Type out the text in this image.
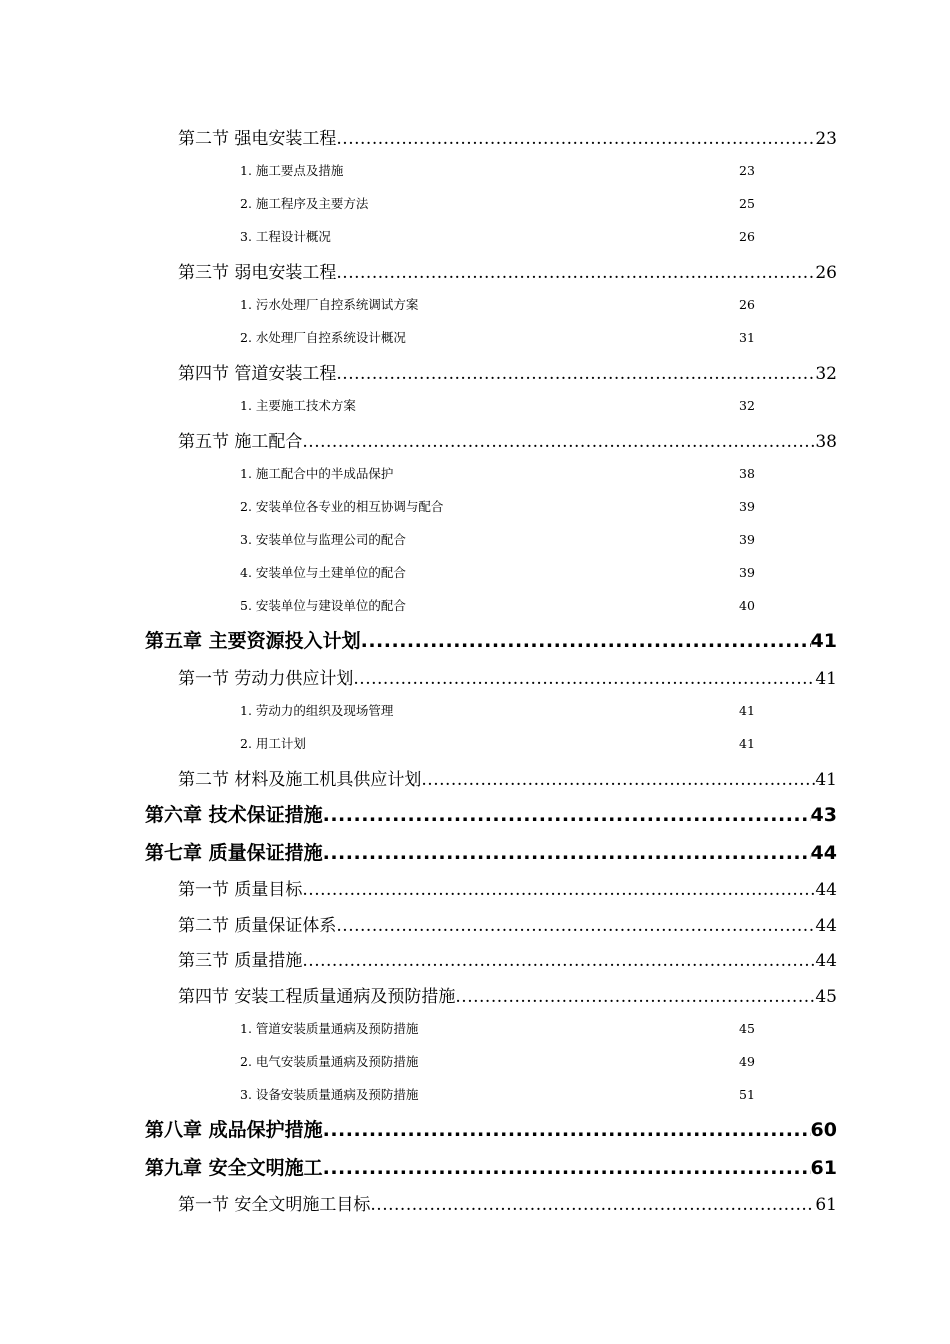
第二节 强电安装工程 .....	23
1. 施工要点及措施	23
2. 施工程序及主要方法	25
3. 工程设计概况	26
第三节 弱电安装工程 .....	26
1. 污水处理厂自控系统调试方案	26
2. 水处理厂自控系统设计概况	31
第四节 管道安装工程 .....	32
1. 主要施工技术方案	32
第五节 施工配合 .....	38
1. 施工配合中的半成品保护	38
2. 安装单位各专业的相互协调与配合	39
3. 安装单位与监理公司的配合	39
4. 安装单位与土建单位的配合	39
5. 安装单位与建设单位的配合	40
第五章 主要资源投入计划 .....	41
第一节 劳动力供应计划 .....	41
1. 劳动力的组织及现场管理	41
2. 用工计划	41
第二节 材料及施工机具供应计划 .....	41
第六章 技术保证措施 .....	43
第七章 质量保证措施 .....	44
第一节 质量目标 .....	44
第二节 质量保证体系 .....	44
第三节 质量措施 .....	44
第四节 安装工程质量通病及预防措施 .....	45
1. 管道安装质量通病及预防措施	45
2. 电气安装质量通病及预防措施	49
3. 设备安装质量通病及预防措施	51
第八章 成品保护措施 .....	60
第九章 安全文明施工 .....	61
第一节 安全文明施工目标 .....	61
